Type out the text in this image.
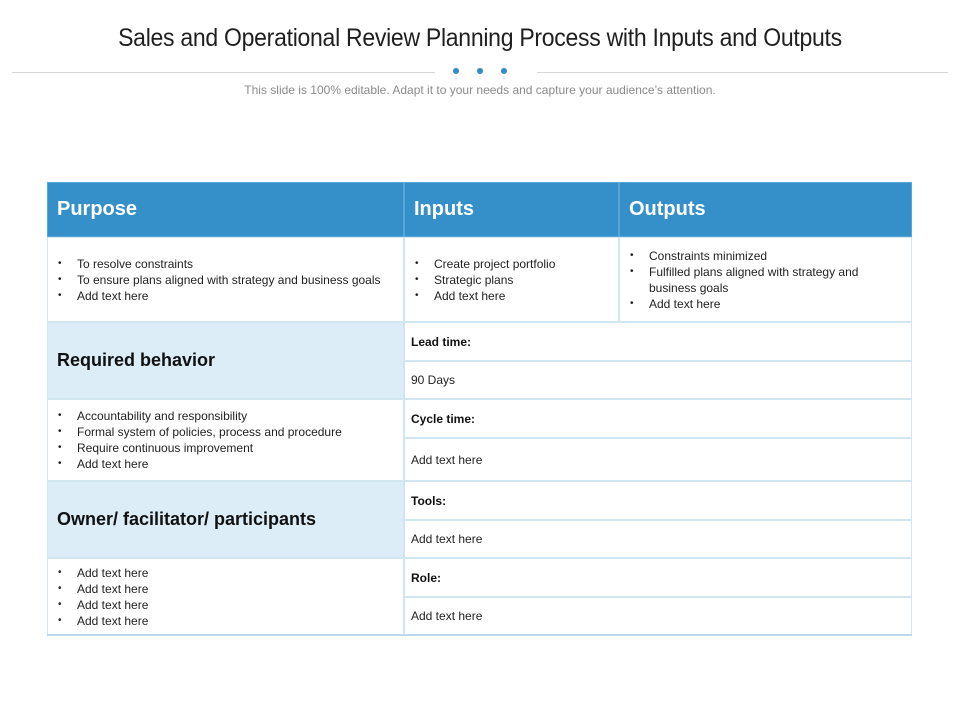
Sales and Operational Review Planning Process with Inputs and Outputs
This slide is 100% editable. Adapt it to your needs and capture your audience’s attention.
Purpose	Inputs	Outputs
• To resolve constraints
• To ensure plans aligned with strategy and business goals
• Add text here
• Create project portfolio
• Strategic plans
• Add text here
• Constraints minimized
• Fulfilled plans aligned with strategy and business goals
• Add text here
Required behavior
• Accountability and responsibility
• Formal system of policies, process and procedure
• Require continuous improvement
• Add text here
Owner/ facilitator/ participants
• Add text here
• Add text here
• Add text here
• Add text here
Lead time:
90 Days
Cycle time:
Add text here
Tools:
Add text here
Role:
Add text here
